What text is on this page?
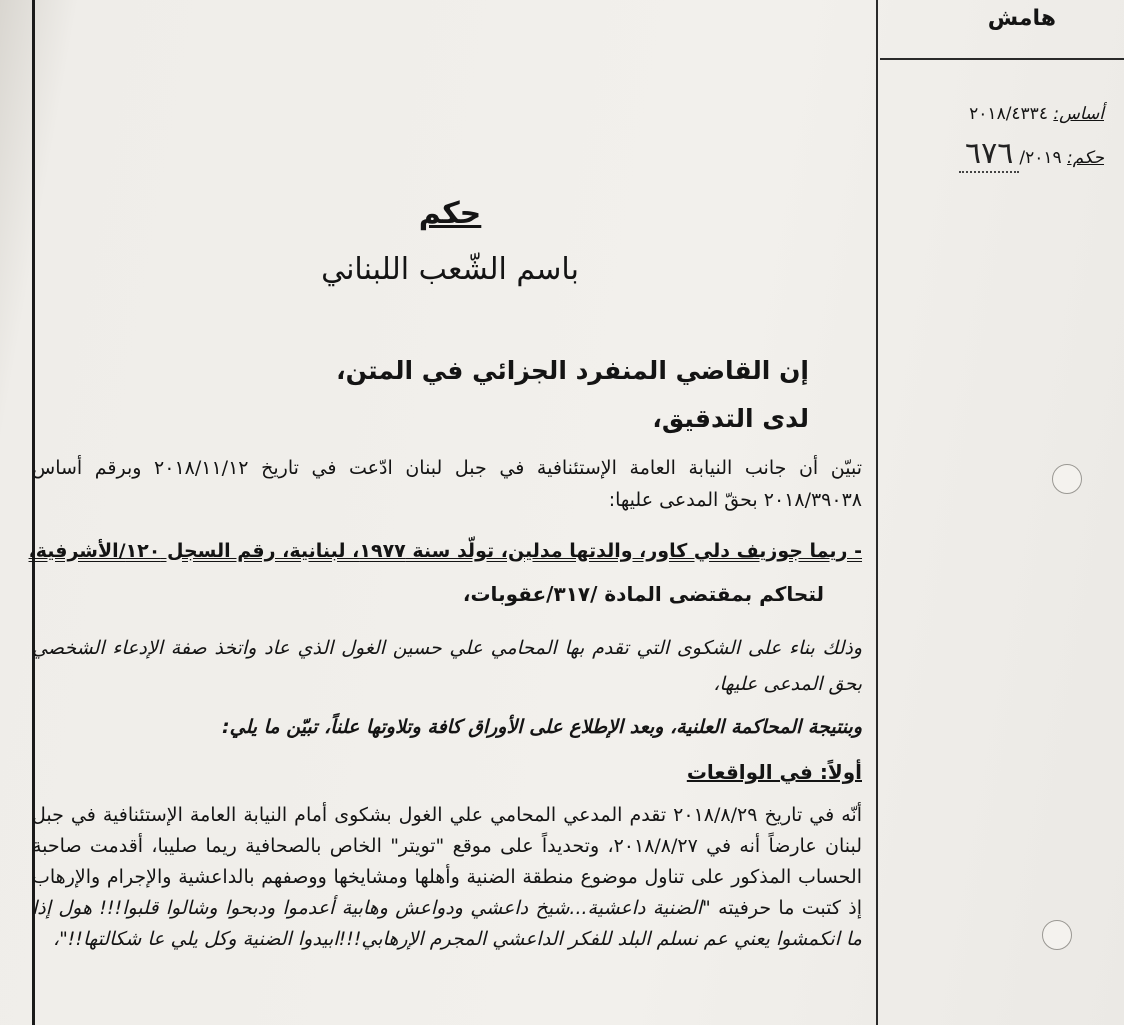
هامش
أساس: ٢٠١٨/٤٣٣٤
حكم: ٦٧٦ /٢٠١٩
حكم
باسم الشّعب اللبناني
إن القاضي المنفرد الجزائي في المتن،
لدى التدقيق،
تبيّن أن جانب النيابة العامة الإستئنافية في جبل لبنان ادّعت في تاريخ ٢٠١٨/١١/١٢ وبرقم أساس ٢٠١٨/٣٩٠٣٨ بحقّ المدعى عليها:
- ريما جوزيف دلي كاور، والدتها مدلين، تولّد سنة ١٩٧٧، لبنانية، رقم السجل ١٢٠/الأشرفية،
لتحاكم بمقتضى المادة /٣١٧/عقوبات،
وذلك بناء على الشكوى التي تقدم بها المحامي علي حسين الغول الذي عاد واتخذ صفة الإدعاء الشخصي بحق المدعى عليها،
وبنتيجة المحاكمة العلنية، وبعد الإطلاع على الأوراق كافة وتلاوتها علناً، تبيّن ما يلي:
أولاً: في الواقعات
أنّه في تاريخ ٢٠١٨/٨/٢٩ تقدم المدعي المحامي علي الغول بشكوى أمام النيابة العامة الإستئنافية في جبل لبنان عارضاً أنه في ٢٠١٨/٨/٢٧، وتحديداً على موقع "تويتر" الخاص بالصحافية ريما صليبا، أقدمت صاحبة الحساب المذكور على تناول موضوع منطقة الضنية وأهلها ومشايخها ووصفهم بالداعشية والإجرام والإرهاب إذ كتبت ما حرفيته "الضنية داعشية...شيخ داعشي ودواعش وهابية أعدموا ودبحوا وشالوا قلبوا!!! هول إذا ما انكمشوا يعني عم نسلم البلد للفكر الداعشي المجرم الإرهابي!!!ابيدوا الضنية وكل يلي عا شكالتها!!"،
